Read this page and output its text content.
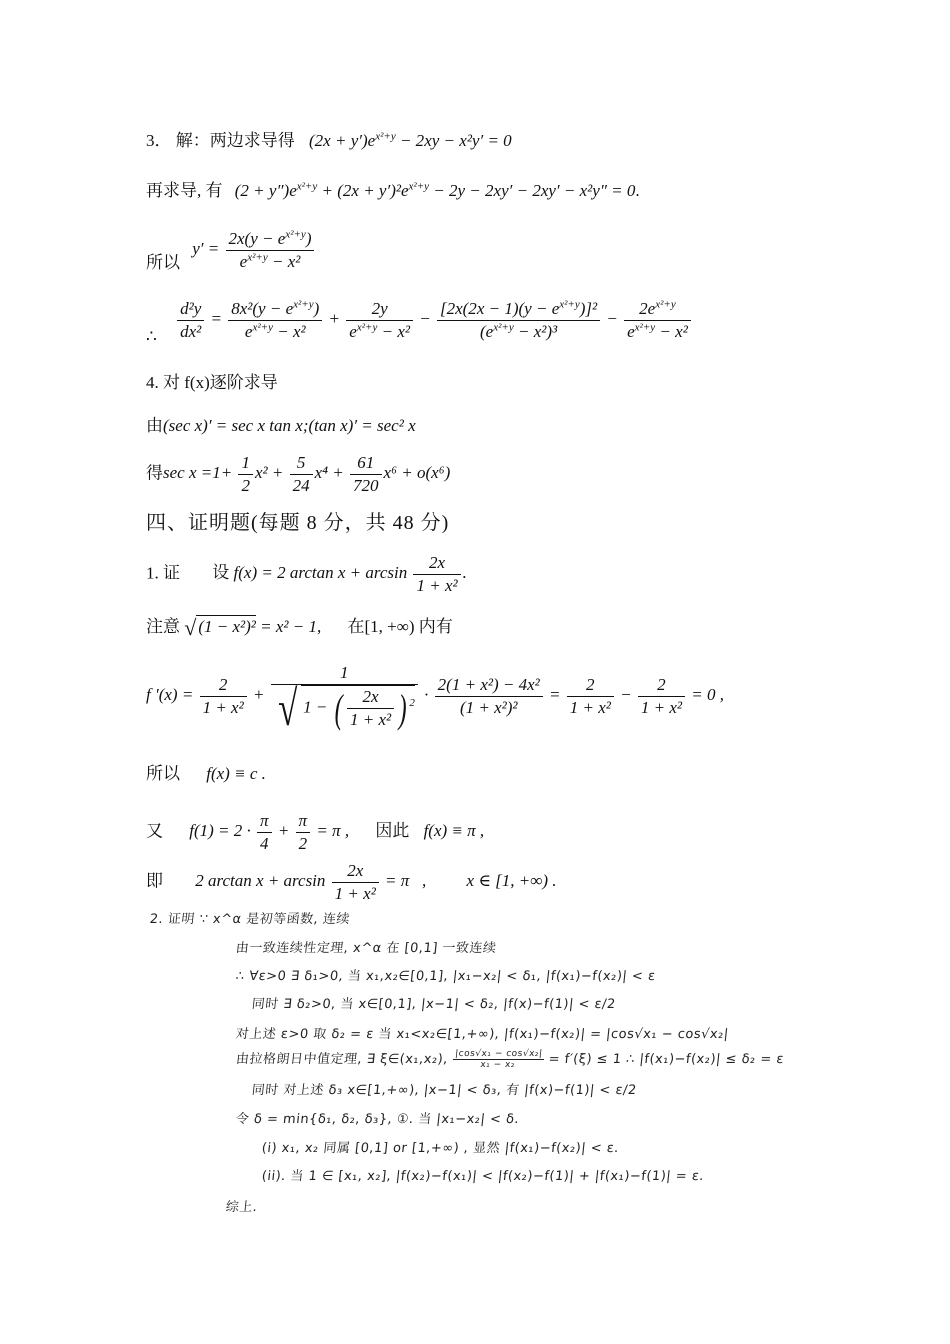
3． 解：两边求导得 $(2x + y')e^{x^2+y} - 2xy - x^2y' = 0$
再求导, 有 $(2 + y'')e^{x^2+y} + (2x + y')^2e^{x^2+y} - 2y - 2xy' - 2xy' - x^2y'' = 0$.
所以 $y' = \frac{2x(y - e^{x^2+y})}{e^{x^2+y} - x^2}$
∴ $\frac{\text{d²y}}{\text{dx²}} = \frac{8x^2(y - e^{x^2+y})}{e^{x^2+y} - x^2} + \frac{2y}{e^{x^2+y} - x^2} - \frac{[2x(2x - 1)(y - e^{x^2+y})]^2}{(e^{x^2+y} - x^2)^3} - \frac{2e^{x^2+y}}{e^{x^2+y} - x^2}$
4. 对 f(x)逐阶求导
由(sec x)′ = sec x tan x;(tan x)′ = sec² x
得$\sec x =1+ \frac{1}{2} x^2 + \frac{5}{24} x^4 + \frac{61}{720} x^6 + o(x^6)$
四、证明题(每题 8 分，共 48 分)
1. 证 设 f(x) = 2 $\arctan x + \arcsin \frac{2x}{\text{1 + x²}}$ .
注意 √ (1 − x²)² = x² − 1, 在[1, +∞) 内有
f $'(x) = \frac{2}{\text{1 + x²}} + \frac{1}{√ 1 - ( \frac{2x}{\text{1 + x²}} ) ^2} \cdot \frac{\text{2(1 + x²) − 4x²}}{\text{(1 + x²)²}} = \frac{2}{\text{1 + x²}} - \frac{2}{\text{1 + x²}} = 0$ ,
所以 f(x) ≡ c .
又 $f(1) = 2 \cdot \frac{\pi}{4} + \frac{\pi}{2} = \pi$ , 因此 f(x) ≡ π ,
即 2 $\arctan x + \arcsin \frac{2x}{\text{1 + x²}} = \pi$   , x ∈ [1, +∞) .
2. 证明 ∵ x^α 是初等函数, 连续
由一致连续性定理, x^α 在 [0,1] 一致连续
∴ ∀ε>0 ∃ δ₁>0, 当 x₁,x₂∈[0,1], |x₁−x₂| < δ₁, |f(x₁)−f(x₂)| < ε
同时 ∃ δ₂>0, 当 x∈[0,1], |x−1| < δ₂, |f(x)−f(1)| < ε/2
对上述 ε>0 取 δ₂ = ε 当 x₁<x₂∈[1,+∞), |f(x₁)−f(x₂)| = |cos√x₁ − cos√x₂|
由拉格朗日中值定理, ∃ ξ∈(x₁,x₂), $\frac{\text{|cos√x₁ − cos√x₂|}}{\text{x₁ − x₂}} = f'(\xi) \le 1$ ∴ |f(x₁)−f(x₂)| ≤ δ₂ = ε
同时 对上述 δ₃ x∈[1,+∞), |x−1| < δ₃, 有 |f(x)−f(1)| < ε/2
令 δ = min{δ₁, δ₂, δ₃}, ①. 当 |x₁−x₂| < δ.
(i) x₁, x₂ 同属 [0,1] or [1,+∞) , 显然 |f(x₁)−f(x₂)| < ε.
(ii). 当 1 ∈ [x₁, x₂], |f(x₂)−f(x₁)| < |f(x₂)−f(1)| + |f(x₁)−f(1)| = ε.
综上.
